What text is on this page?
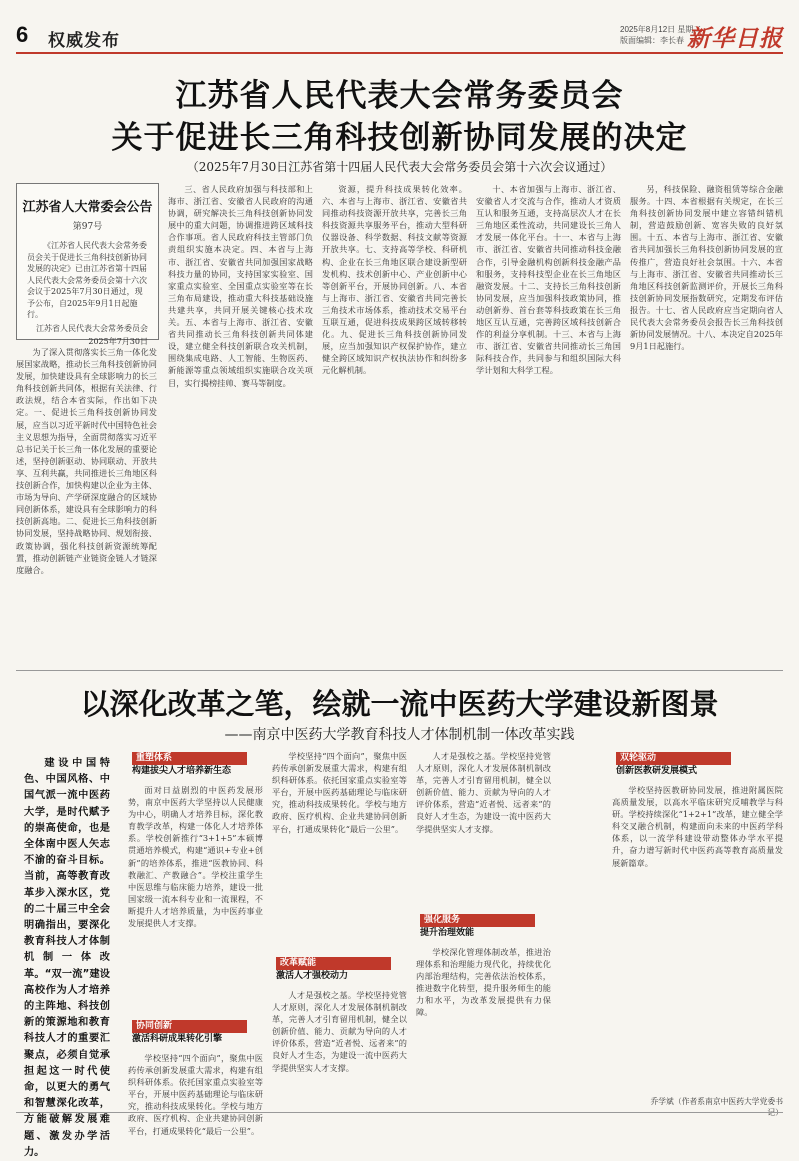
6 权威发布
2025年8月12日 星期二
版面编辑：李长春 新华日报
江苏省人民代表大会常务委员会
关于促进长三角科技创新协同发展的决定
（2025年7月30日江苏省第十四届人民代表大会常务委员会第十六次会议通过）
江苏省人大常委会公告
第97号
《江苏省人民代表大会常务委员会关于促进长三角科技创新协同发展的决定》已由江苏省第十四届人民代表大会常务委员会第十六次会议于2025年7月30日通过，现予公布，自2025年9月1日起施行。
江苏省人民代表大会常务委员会
2025年7月30日

为了深入贯彻落实长三角一体化发展国家战略，推动长三角科技创新协同发展，加快建设具有全球影响力的长三角科技创新共同体，根据有关法律、行政法规，结合本省实际，作出如下决定。一、促进长三角科技创新协同发展，应当以习近平新时代中国特色社会主义思想为指导，全面贯彻落实习近平总书记关于长三角一体化发展的重要论述，坚持创新驱动、协同联动、开放共享、互利共赢，共同推进长三角地区科技创新合作，加快构建以企业为主体、市场为导向、产学研深度融合的区域协同创新体系，建设具有全球影响力的科技创新高地。二、促进长三角科技创新协同发展，坚持战略协同、规划衔接、政策协调，强化科技创新资源统筹配置，推动创新链产业链资金链人才链深度融合。

三、省人民政府加强与科技部和上海市、浙江省、安徽省人民政府的沟通协调，研究解决长三角科技创新协同发展中的重大问题，协调推进跨区域科技合作事项。省人民政府科技主管部门负责组织实施本决定。四、本省与上海市、浙江省、安徽省共同加强国家战略科技力量的协同，支持国家实验室、国家重点实验室、全国重点实验室等在长三角布局建设，推动重大科技基础设施共建共享，共同开展关键核心技术攻关。五、本省与上海市、浙江省、安徽省共同推动长三角科技创新共同体建设，建立健全科技创新联合攻关机制，围绕集成电路、人工智能、生物医药、新能源等重点领域组织实施联合攻关项目，实行揭榜挂帅、赛马等制度。

资源，提升科技成果转化效率。六、本省与上海市、浙江省、安徽省共同推动科技资源开放共享，完善长三角科技资源共享服务平台，推动大型科研仪器设备、科学数据、科技文献等资源开放共享。七、支持高等学校、科研机构、企业在长三角地区联合建设新型研发机构、技术创新中心、产业创新中心等创新平台，开展协同创新。八、本省与上海市、浙江省、安徽省共同完善长三角技术市场体系，推动技术交易平台互联互通，促进科技成果跨区域转移转化。九、促进长三角科技创新协同发展，应当加强知识产权保护协作，建立健全跨区域知识产权执法协作和纠纷多元化解机制。

十、本省加强与上海市、浙江省、安徽省人才交流与合作，推动人才资质互认和服务互通，支持高层次人才在长三角地区柔性流动，共同建设长三角人才发展一体化平台。十一、本省与上海市、浙江省、安徽省共同推动科技金融合作，引导金融机构创新科技金融产品和服务，支持科技型企业在长三角地区融资发展。十二、支持长三角科技创新协同发展，应当加强科技政策协同，推动创新券、首台套等科技政策在长三角地区互认互通，完善跨区域科技创新合作的利益分享机制。十三、本省与上海市、浙江省、安徽省共同推动长三角国际科技合作，共同参与和组织国际大科学计划和大科学工程。

另，科技保险、融资租赁等综合金融服务。十四、本省根据有关规定，在长三角科技创新协同发展中建立容错纠错机制，营造鼓励创新、宽容失败的良好氛围。十五、本省与上海市、浙江省、安徽省共同加强长三角科技创新协同发展的宣传推广，营造良好社会氛围。十六、本省与上海市、浙江省、安徽省共同推动长三角地区科技创新监测评价，开展长三角科技创新协同发展指数研究，定期发布评估报告。十七、省人民政府应当定期向省人民代表大会常务委员会报告长三角科技创新协同发展情况。十八、本决定自2025年9月1日起施行。

以深化改革之笔，绘就一流中医药大学建设新图景
——南京中医药大学教育科技人才体制机制一体改革实践
建设中国特色、中国风格、中国气派一流中医药大学，是时代赋予的崇高使命，也是全体南中医人矢志不渝的奋斗目标。当前，高等教育改革步入深水区，党的二十届三中全会明确指出，要深化教育科技人才体制机制一体改革。“双一流”建设高校作为人才培养的主阵地、科技创新的策源地和教育科技人才的重要汇聚点，必须自觉承担起这一时代使命，以更大的勇气和智慧深化改革，方能破解发展难题、激发办学活力。
重塑体系
构建拔尖人才培养新生态

面对日益剧烈的中医药发展形势，南京中医药大学坚持以人民健康为中心，明确人才培养目标，深化教育教学改革，构建一体化人才培养体系。学校创新推行“3+1+5”本硕博贯通培养模式，构建“通识+专业+创新”的培养体系，推进“医教协同、科教融汇、产教融合”。学校注重学生中医思维与临床能力培养，建设一批国家级一流本科专业和一流课程，不断提升人才培养质量，为中医药事业发展提供人才支撑。

协同创新
激活科研成果转化引擎

学校坚持“四个面向”，聚焦中医药传承创新发展重大需求，构建有组织科研体系。依托国家重点实验室等平台，开展中医药基础理论与临床研究，推动科技成果转化。学校与地方政府、医疗机构、企业共建协同创新平台，打通成果转化“最后一公里”。

学校坚持“四个面向”，聚焦中医药传承创新发展重大需求，构建有组织科研体系。依托国家重点实验室等平台，开展中医药基础理论与临床研究，推动科技成果转化。学校与地方政府、医疗机构、企业共建协同创新平台，打通成果转化“最后一公里”。

改革赋能
激活人才强校动力

人才是强校之基。学校坚持党管人才原则，深化人才发展体制机制改革，完善人才引育留用机制，健全以创新价值、能力、贡献为导向的人才评价体系，营造“近者悦、远者来”的良好人才生态，为建设一流中医药大学提供坚实人才支撑。

人才是强校之基。学校坚持党管人才原则，深化人才发展体制机制改革，完善人才引育留用机制，健全以创新价值、能力、贡献为导向的人才评价体系，营造“近者悦、远者来”的良好人才生态，为建设一流中医药大学提供坚实人才支撑。

强化服务
提升治理效能

学校深化管理体制改革，推进治理体系和治理能力现代化，持续优化内部治理结构，完善依法治校体系，推进数字化转型，提升服务师生的能力和水平，为改革发展提供有力保障。

双轮驱动
创新医教研发展模式

学校坚持医教研协同发展，推进附属医院高质量发展，以高水平临床研究反哺教学与科研。学校持续深化“1+2+1”改革，建立健全学科交叉融合机制，构建面向未来的中医药学科体系，以一流学科建设带动整体办学水平提升，奋力谱写新时代中医药高等教育高质量发展新篇章。

乔学斌（作者系南京中医药大学党委书
